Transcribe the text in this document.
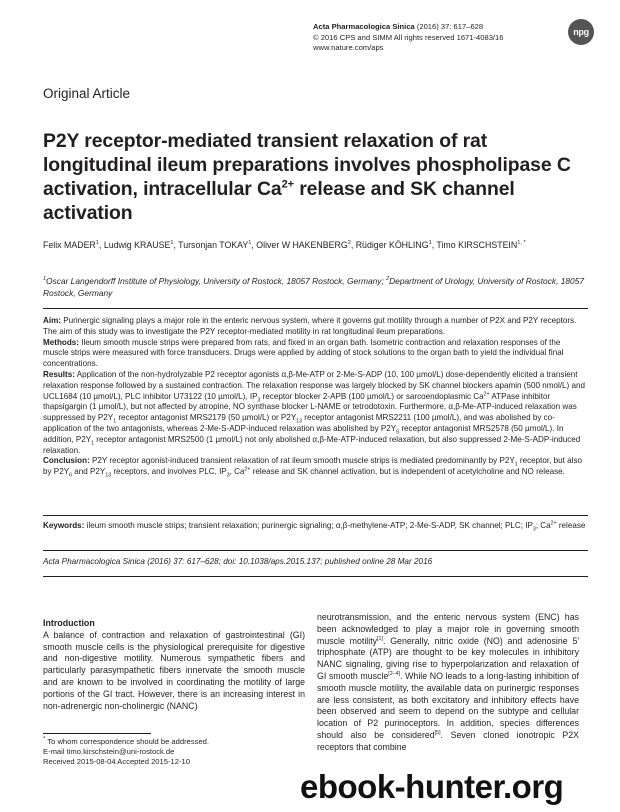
Acta Pharmacologica Sinica (2016) 37: 617–628
© 2016 CPS and SIMM All rights reserved 1671-4083/16
www.nature.com/aps
npg
Original Article
P2Y receptor-mediated transient relaxation of rat longitudinal ileum preparations involves phospholipase C activation, intracellular $Ca^{2+}$ release and SK channel activation
Felix MADER$^1$, Ludwig KRAUSE$^1$, Tursonjan TOKAY$^1$, Oliver W HAKENBERG$^2$, Rüdiger KÖHLING$^1$, Timo $KIRSCHSTEIN^{1, *}$
$^1$Oscar Langendorff Institute of Physiology, University of Rostock, 18057 Rostock, Germany; $^2$Department of Urology, University of Rostock, 18057 Rostock, Germany

Aim: Purinergic signaling plays a major role in the enteric nervous system, where it governs gut motility through a number of P2X and P2Y receptors. The aim of this study was to investigate the P2Y receptor-mediated motility in rat longitudinal ileum preparations.

Methods: Ileum smooth muscle strips were prepared from rats, and fixed in an organ bath. Isometric contraction and relaxation responses of the muscle strips were measured with force transducers. Drugs were applied by adding of stock solutions to the organ bath to yield the individual final concentrations.

Results: Application of the non-hydrolyzable P2 receptor agonists α,β-Me-ATP or 2-Me-S-ADP (10, 100 µmol/L) dose-dependently elicited a transient relaxation response followed by a sustained contraction. The relaxation response was largely blocked by SK channel blockers apamin (500 nmol/L) and UCL1684 (10 µmol/L), PLC inhibitor U73122 (10 µmol/L), $IP_3$ receptor blocker 2-APB (100 µmol/L) or sarcoendoplasmic $Ca^{2+}$ ATPase inhibitor thapsigargin (1 µmol/L), but not affected by atropine, NO synthase blocker L-NAME or tetrodotoxin. Furthermore, α,β-Me-ATP-induced relaxation was suppressed by $P2Y_1$ receptor antagonist MRS2179 (50 µmol/L) or $P2Y_{13}$ receptor antagonist MRS2211 (100 µmol/L), and was abolished by co-application of the two antagonists, whereas 2-Me-S-ADP-induced relaxation was abolished by $P2Y_6$ receptor antagonist MRS2578 (50 µmol/L). In addition, $P2Y_1$ receptor antagonist MRS2500 (1 µmol/L) not only abolished α,β-Me-ATP-induced relaxation, but also suppressed 2-Me-S-ADP-induced relaxation.

Conclusion: P2Y receptor agonist-induced transient relaxation of rat ileum smooth muscle strips is mediated predominantly by $P2Y_1$ receptor, but also by $P2Y_6$ and $P2Y_{13}$ receptors, and involves PLC, $IP_3$, $Ca^{2+}$ release and SK channel activation, but is independent of acetylcholine and NO release.

Keywords: ileum smooth muscle strips; transient relaxation; purinergic signaling; α,β-methylene-ATP; 2-Me-S-ADP, SK channel; PLC; $IP_3$; $Ca^{2+}$ release
Acta Pharmacologica Sinica (2016) 37: 617–628; doi: 10.1038/aps.2015.137; published online 28 Mar 2016
Introduction

A balance of contraction and relaxation of gastrointestinal (GI) smooth muscle cells is the physiological prerequisite for digestive and non-digestive motility. Numerous sympathetic fibers and particularly parasympathetic fibers innervate the smooth muscle and are known to be involved in coordinating the motility of large portions of the GI tract. However, there is an increasing interest in non-adrenergic non-cholinergic (NANC)

neurotransmission, and the enteric nervous system (ENC) has been acknowledged to play a major role in governing smooth muscle motility[1]. Generally, nitric oxide (NO) and adenosine 5′ triphosphate (ATP) are thought to be key molecules in inhibitory NANC signaling, giving rise to hyperpolarization and relaxation of GI smooth muscle[2–4]. While NO leads to a long-lasting inhibition of smooth muscle motility, the available data on purinergic responses are less consistent, as both excitatory and inhibitory effects have been observed and seem to depend on the subtype and cellular location of P2 purinoceptors. In addition, species differences should also be considered[5]. Seven cloned ionotropic P2X receptors that combine

* To whom correspondence should be addressed.
E-mail timo.kirschstein@uni-rostock.de
Received 2015-08-04 Accepted 2015-12-10
ebook-hunter.org
